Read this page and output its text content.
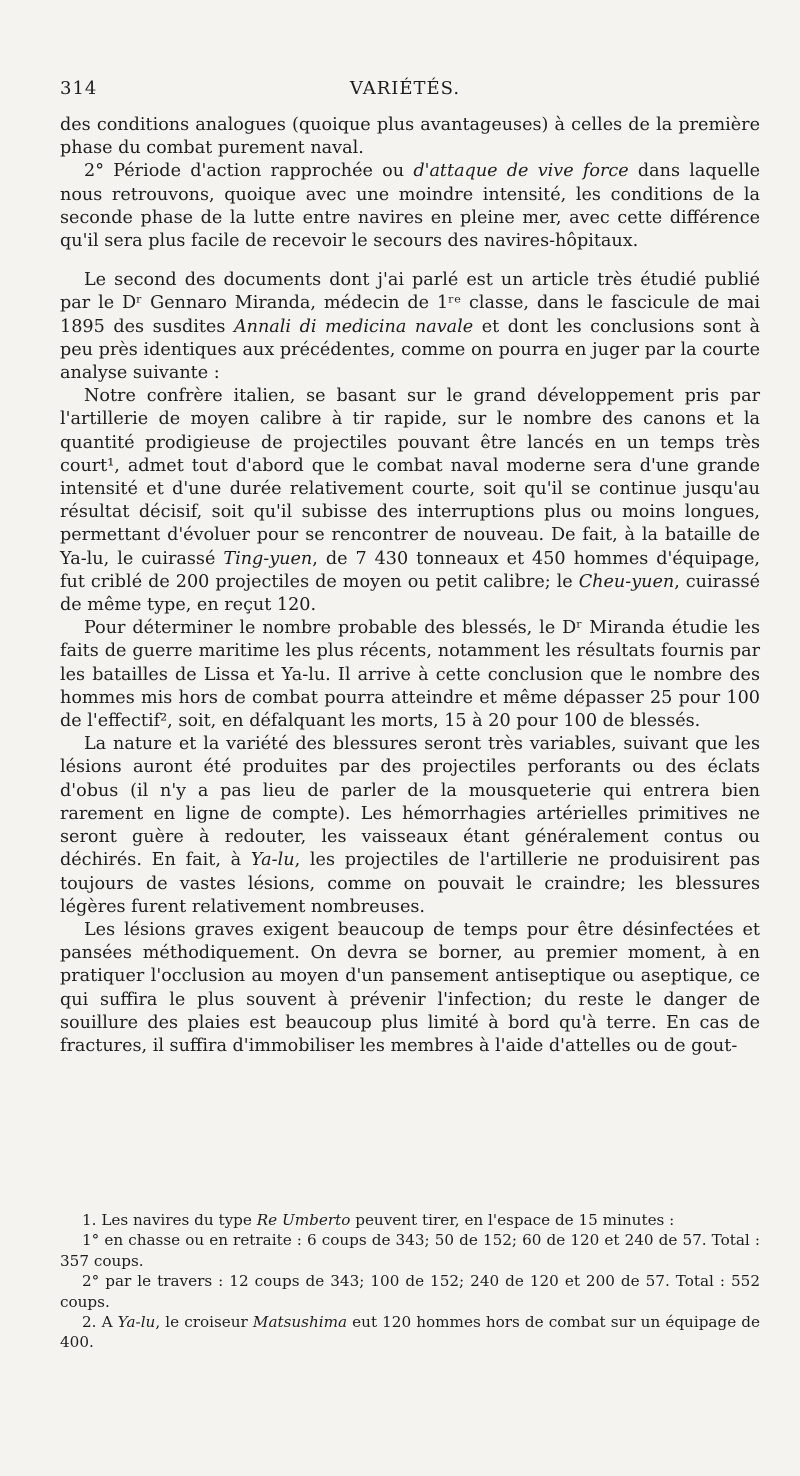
314	VARIÉTÉS.

des conditions analogues (quoique plus avantageuses) à celles de la première phase du combat purement naval.

2° Période d'action rapprochée ou d'attaque de vive force dans laquelle nous retrouvons, quoique avec une moindre intensité, les conditions de la seconde phase de la lutte entre navires en pleine mer, avec cette différence qu'il sera plus facile de recevoir le secours des navires-hôpitaux.

Le second des documents dont j'ai parlé est un article très étudié publié par le Dʳ Gennaro Miranda, médecin de 1ʳᵉ classe, dans le fascicule de mai 1895 des susdites Annali di medicina navale et dont les conclusions sont à peu près identiques aux précédentes, comme on pourra en juger par la courte analyse suivante :

Notre confrère italien, se basant sur le grand développement pris par l'artillerie de moyen calibre à tir rapide, sur le nombre des canons et la quantité prodigieuse de projectiles pouvant être lancés en un temps très court¹, admet tout d'abord que le combat naval moderne sera d'une grande intensité et d'une durée relativement courte, soit qu'il se continue jusqu'au résultat décisif, soit qu'il subisse des interruptions plus ou moins longues, permettant d'évoluer pour se rencontrer de nouveau. De fait, à la bataille de Ya-lu, le cuirassé Ting-yuen, de 7 430 tonneaux et 450 hommes d'équipage, fut criblé de 200 projectiles de moyen ou petit calibre; le Cheu-yuen, cuirassé de même type, en reçut 120.

Pour déterminer le nombre probable des blessés, le Dʳ Miranda étudie les faits de guerre maritime les plus récents, notamment les résultats fournis par les batailles de Lissa et Ya-lu. Il arrive à cette conclusion que le nombre des hommes mis hors de combat pourra atteindre et même dépasser 25 pour 100 de l'effectif², soit, en défalquant les morts, 15 à 20 pour 100 de blessés.

La nature et la variété des blessures seront très variables, suivant que les lésions auront été produites par des projectiles perforants ou des éclats d'obus (il n'y a pas lieu de parler de la mousqueterie qui entrera bien rarement en ligne de compte). Les hémorrhagies artérielles primitives ne seront guère à redouter, les vaisseaux étant généralement contus ou déchirés. En fait, à Ya-lu, les projectiles de l'artillerie ne produisirent pas toujours de vastes lésions, comme on pouvait le craindre; les blessures légères furent relativement nombreuses.

Les lésions graves exigent beaucoup de temps pour être désinfectées et pansées méthodiquement. On devra se borner, au premier moment, à en pratiquer l'occlusion au moyen d'un pansement antiseptique ou aseptique, ce qui suffira le plus souvent à prévenir l'infection; du reste le danger de souillure des plaies est beaucoup plus limité à bord qu'à terre. En cas de fractures, il suffira d'immobiliser les membres à l'aide d'attelles ou de gout-

1. Les navires du type Re Umberto peuvent tirer, en l'espace de 15 minutes :

1° en chasse ou en retraite : 6 coups de 343; 50 de 152; 60 de 120 et 240 de 57. Total : 357 coups.

2° par le travers : 12 coups de 343; 100 de 152; 240 de 120 et 200 de 57. Total : 552 coups.

2. A Ya-lu, le croiseur Matsushima eut 120 hommes hors de combat sur un équipage de 400.
